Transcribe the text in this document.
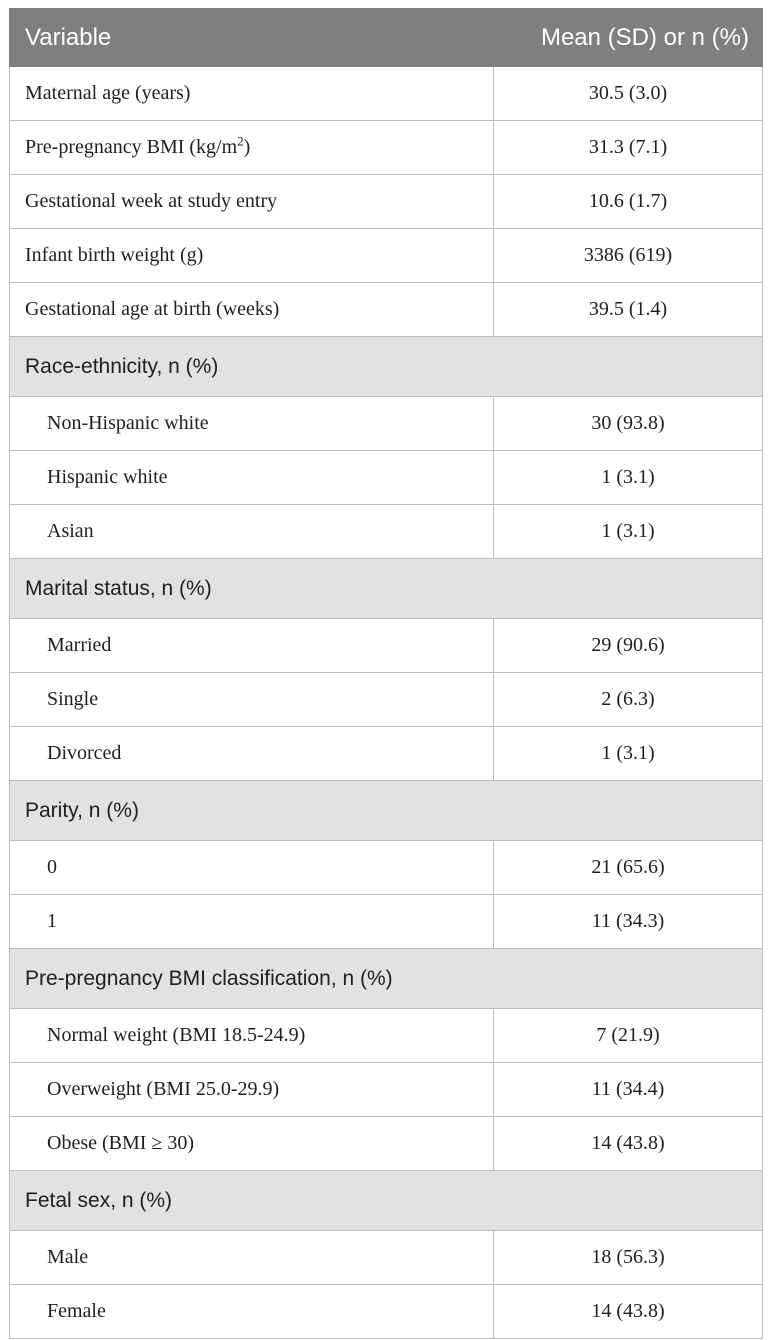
Variable	Mean (SD) or n (%)
Maternal age (years)	30.5 (3.0)
Pre-pregnancy BMI $(kg/m^2)$	31.3 (7.1)
Gestational week at study entry	10.6 (1.7)
Infant birth weight (g)	3386 (619)
Gestational age at birth (weeks)	39.5 (1.4)
Race-ethnicity, n (%)	
Non-Hispanic white	30 (93.8)
Hispanic white	1 (3.1)
Asian	1 (3.1)
Marital status, n (%)	
Married	29 (90.6)
Single	2 (6.3)
Divorced	1 (3.1)
Parity, n (%)	
0	21 (65.6)
1	11 (34.3)
Pre-pregnancy BMI classification, n (%)	
Normal weight (BMI 18.5-24.9)	7 (21.9)
Overweight (BMI 25.0-29.9)	11 (34.4)
Obese (BMI ≥ 30)	14 (43.8)
Fetal sex, n (%)	
Male	18 (56.3)
Female	14 (43.8)
